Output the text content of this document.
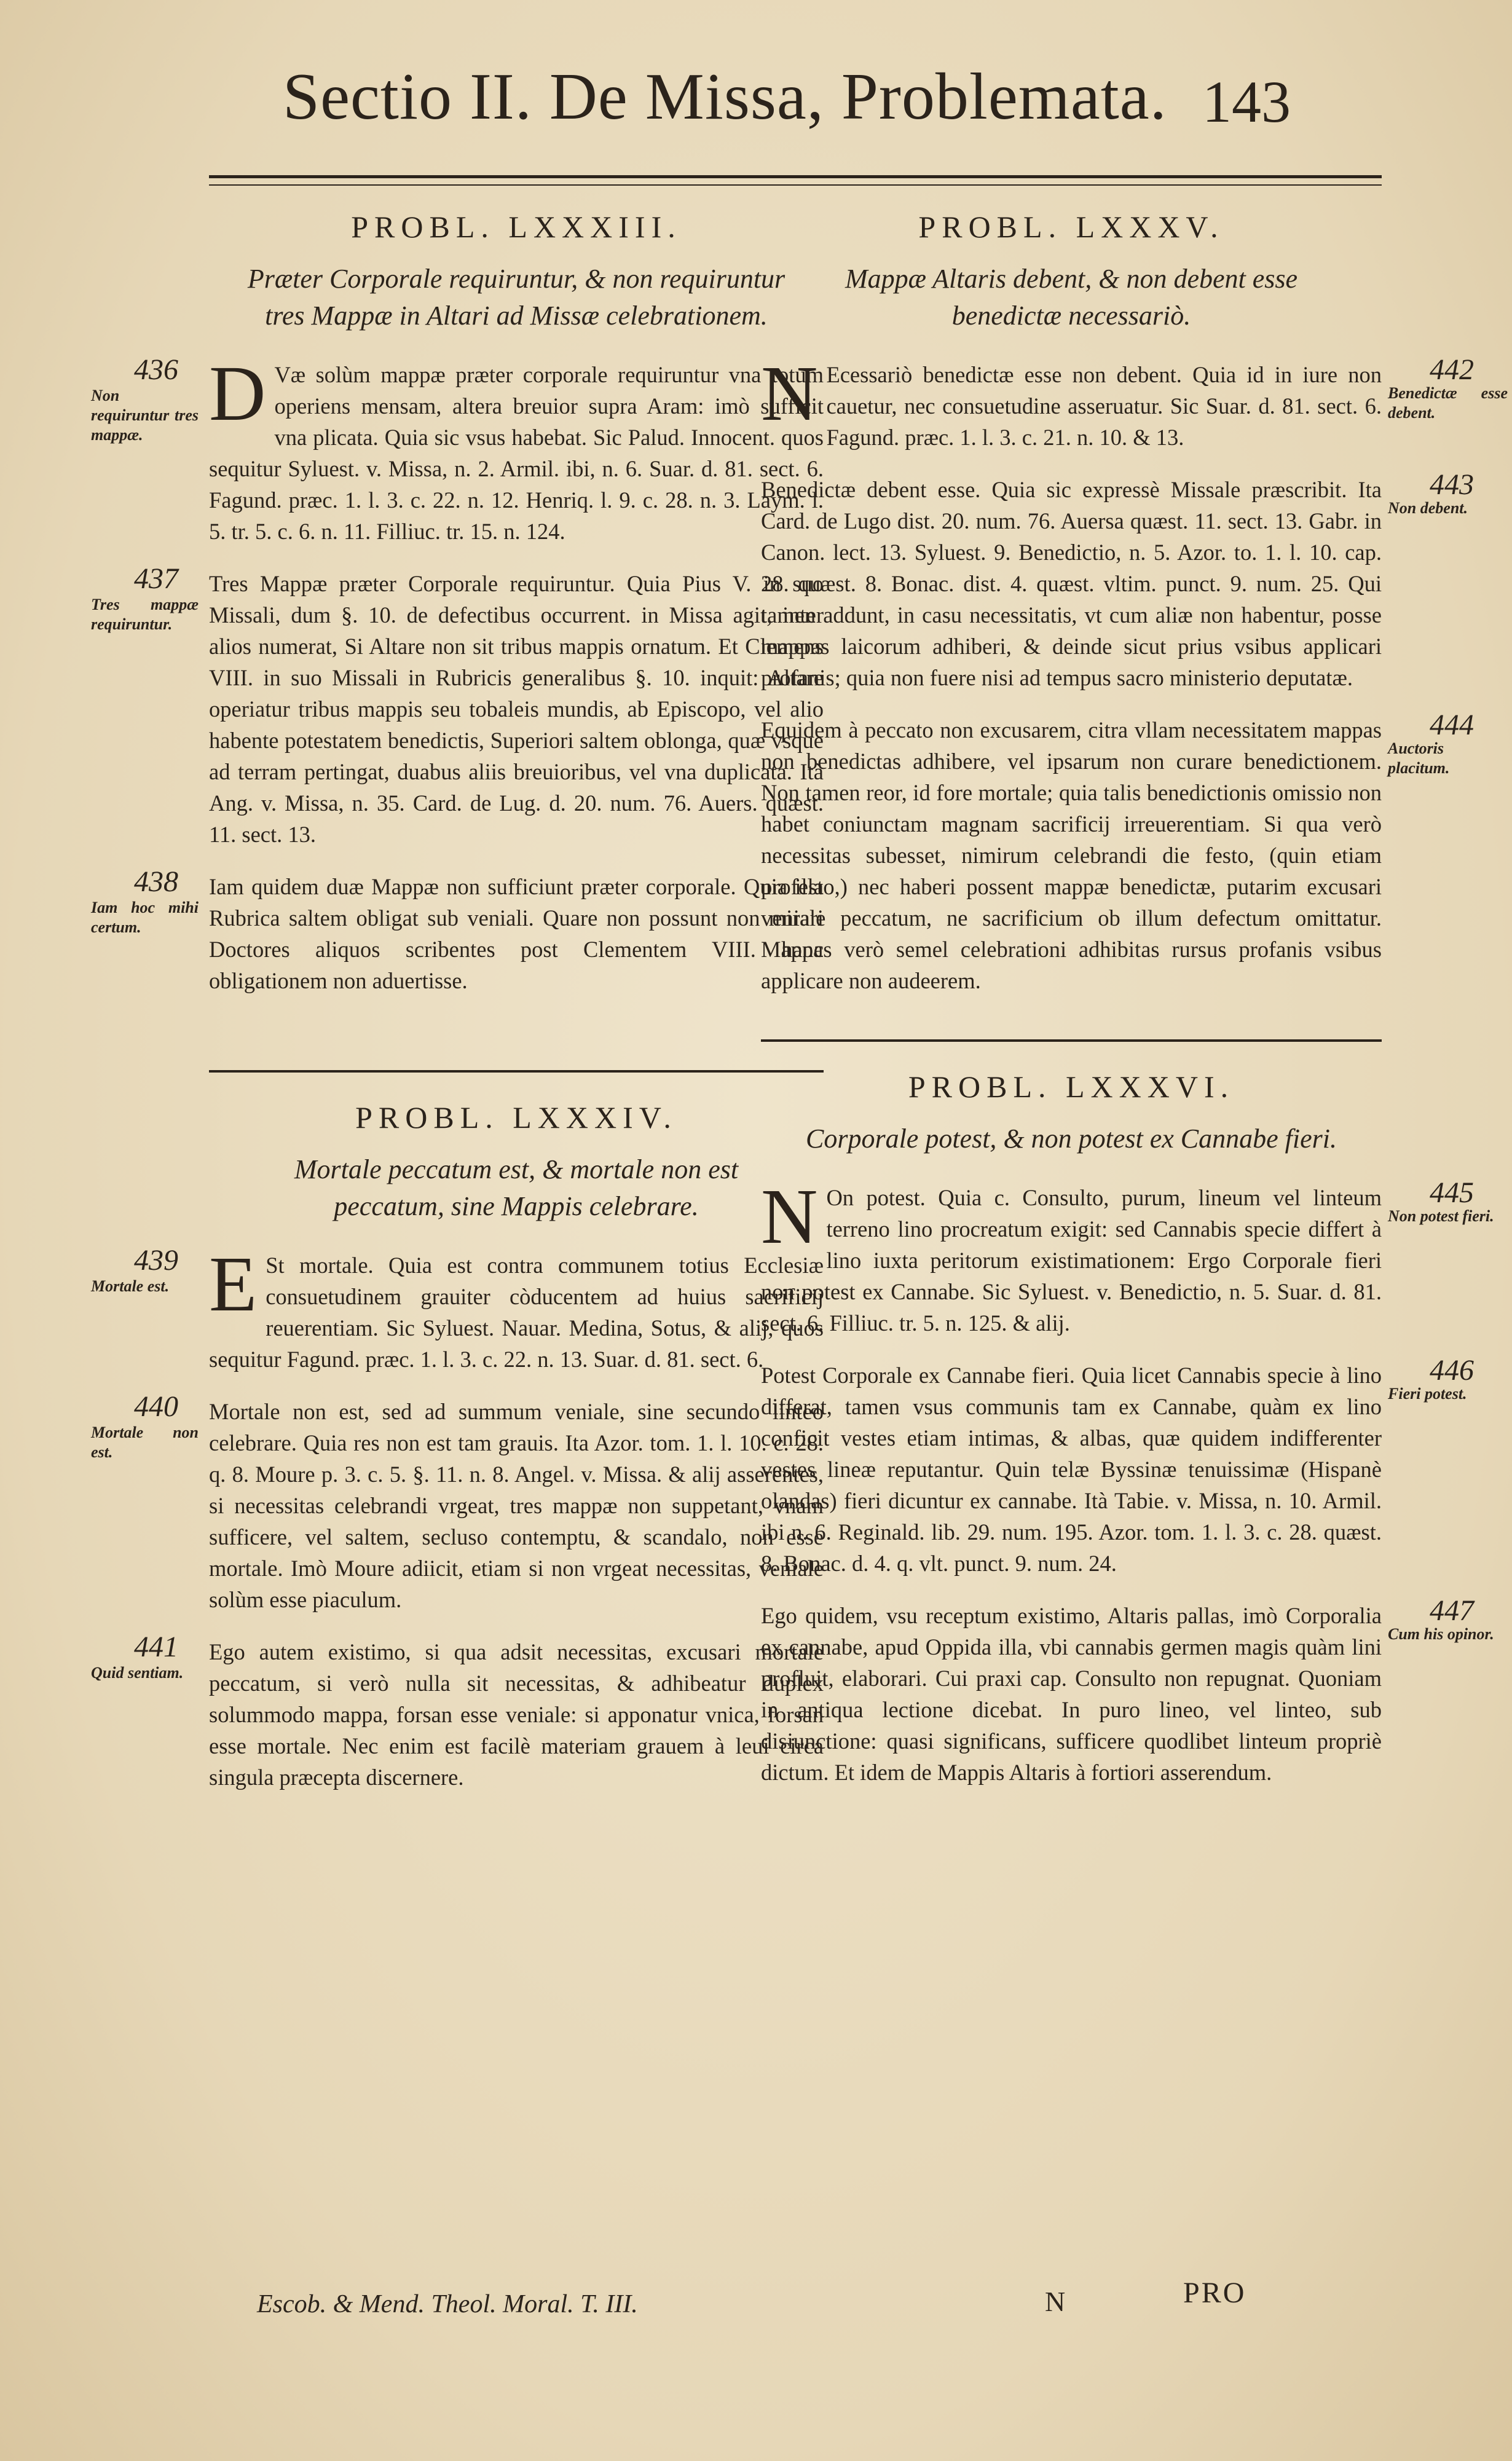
Sectio II. De Missa, Problemata. 143
PROBL. LXXXIII.
Præter Corporale requiruntur, & non requiruntur tres Mappæ in Altari ad Missæ celebrationem.
436
Non requiruntur tres mappæ. D Væ solùm mappæ præter corporale requiruntur vna totum operiens mensam, altera breuior supra Aram: imò sufficit vna plicata. Quia sic vsus habebat. Sic Palud. Innocent. quos sequitur Syluest. v. Missa, n. 2. Armil. ibi, n. 6. Suar. d. 81. sect. 6. Fagund. præc. 1. l. 3. c. 22. n. 12. Henriq. l. 9. c. 28. n. 3. Laym. l. 5. tr. 5. c. 6. n. 11. Filliuc. tr. 15. n. 124.
437
Tres mappæ requiruntur.
Tres Mappæ præter Corporale requiruntur. Quia Pius V. in suo Missali, dum §. 10. de defectibus occurrent. in Missa agit, inter alios numerat, Si Altare non sit tribus mappis ornatum. Et Clemens VIII. in suo Missali in Rubricis generalibus §. 10. inquit: Altare operiatur tribus mappis seu tobaleis mundis, ab Episcopo, vel alio habente potestatem benedictis, Superiori saltem oblonga, quæ vsque ad terram pertingat, duabus aliis breuioribus, vel vna duplicata. Ità Ang. v. Missa, n. 35. Card. de Lug. d. 20. num. 76. Auers. quæst. 11. sect. 13.
438
Iam hoc mihi certum.
Iam quidem duæ Mappæ non sufficiunt præter corporale. Quia illa Rubrica saltem obligat sub veniali. Quare non possunt non mirari Doctores aliquos scribentes post Clementem VIII. hanc obligationem non aduertisse.
PROBL. LXXXIV.
Mortale peccatum est, & mortale non est peccatum, sine Mappis celebrare.
439
Mortale est. E St mortale. Quia est contra communem totius Ecclesiæ consuetudinem grauiter còducentem ad huius sacrificij reuerentiam. Sic Syluest. Nauar. Medina, Sotus, & alij, quos sequitur Fagund. præc. 1. l. 3. c. 22. n. 13. Suar. d. 81. sect. 6.
440
Mortale non est.
Mortale non est, sed ad summum veniale, sine secundo linteo celebrare. Quia res non est tam grauis. Ita Azor. tom. 1. l. 10. c. 28. q. 8. Moure p. 3. c. 5. §. 11. n. 8. Angel. v. Missa. & alij asserentes, si necessitas celebrandi vrgeat, tres mappæ non suppetant, vnam sufficere, vel saltem, secluso contemptu, & scandalo, non esse mortale. Imò Moure adiicit, etiam si non vrgeat necessitas, veniale solùm esse piaculum.
441
Quid sentiam.
Ego autem existimo, si qua adsit necessitas, excusari mortale peccatum, si verò nulla sit necessitas, & adhibeatur duplex solummodo mappa, forsan esse veniale: si apponatur vnica, forsan esse mortale. Nec enim est facilè materiam grauem à leui circa singula præcepta discernere.
PROBL. LXXXV.
Mappæ Altaris debent, & non debent esse benedictæ necessariò.
442
Benedictæ esse debent.
N Ecessariò benedictæ esse non debent. Quia id in iure non cauetur, nec consuetudine asseruatur. Sic Suar. d. 81. sect. 6. Fagund. præc. 1. l. 3. c. 21. n. 10. & 13.
443
Non debent.
Benedictæ debent esse. Quia sic expressè Missale præscribit. Ita Card. de Lugo dist. 20. num. 76. Auersa quæst. 11. sect. 13. Gabr. in Canon. lect. 13. Syluest. 9. Benedictio, n. 5. Azor. to. 1. l. 10. cap. 28. quæst. 8. Bonac. dist. 4. quæst. vltim. punct. 9. num. 25. Qui tamen addunt, in casu necessitatis, vt cum aliæ non habentur, posse mappas laicorum adhiberi, & deinde sicut prius vsibus applicari profanis; quia non fuere nisi ad tempus sacro ministerio deputatæ.
444
Auctoris placitum.
Equidem à peccato non excusarem, citra vllam necessitatem mappas non benedictas adhibere, vel ipsarum non curare benedictionem. Non tamen reor, id fore mortale; quia talis benedictionis omissio non habet coniunctam magnam sacrificij irreuerentiam. Si qua verò necessitas subesset, nimirum celebrandi die festo, (quin etiam profesto,) nec haberi possent mappæ benedictæ, putarim excusari veniale peccatum, ne sacrificium ob illum defectum omittatur. Mappas verò semel celebrationi adhibitas rursus profanis vsibus applicare non audeerem.
PROBL. LXXXVI.
Corporale potest, & non potest ex Cannabe fieri.
445
Non potest fieri.
N On potest. Quia c. Consulto, purum, lineum vel linteum terreno lino procreatum exigit: sed Cannabis specie differt à lino iuxta peritorum existimationem: Ergo Corporale fieri non potest ex Cannabe. Sic Syluest. v. Benedictio, n. 5. Suar. d. 81. sect. 6. Filliuc. tr. 5. n. 125. & alij.
446
Fieri potest.
Potest Corporale ex Cannabe fieri. Quia licet Cannabis specie à lino differat, tamen vsus communis tam ex Cannabe, quàm ex lino conficit vestes etiam intimas, & albas, quæ quidem indifferenter vestes lineæ reputantur. Quin telæ Byssinæ tenuissimæ (Hispanè olandas) fieri dicuntur ex cannabe. Ità Tabie. v. Missa, n. 10. Armil. ibi n. 6. Reginald. lib. 29. num. 195. Azor. tom. 1. l. 3. c. 28. quæst. 8. Bonac. d. 4. q. vlt. punct. 9. num. 24.
447
Cum his opinor.
Ego quidem, vsu receptum existimo, Altaris pallas, imò Corporalia ex cannabe, apud Oppida illa, vbi cannabis germen magis quàm lini profluit, elaborari. Cui praxi cap. Consulto non repugnat. Quoniam in antiqua lectione dicebat. In puro lineo, vel linteo, sub disiunctione: quasi significans, sufficere quodlibet linteum propriè dictum. Et idem de Mappis Altaris à fortiori asserendum.
Escob. & Mend. Theol. Moral. T. III.	N	PRO
